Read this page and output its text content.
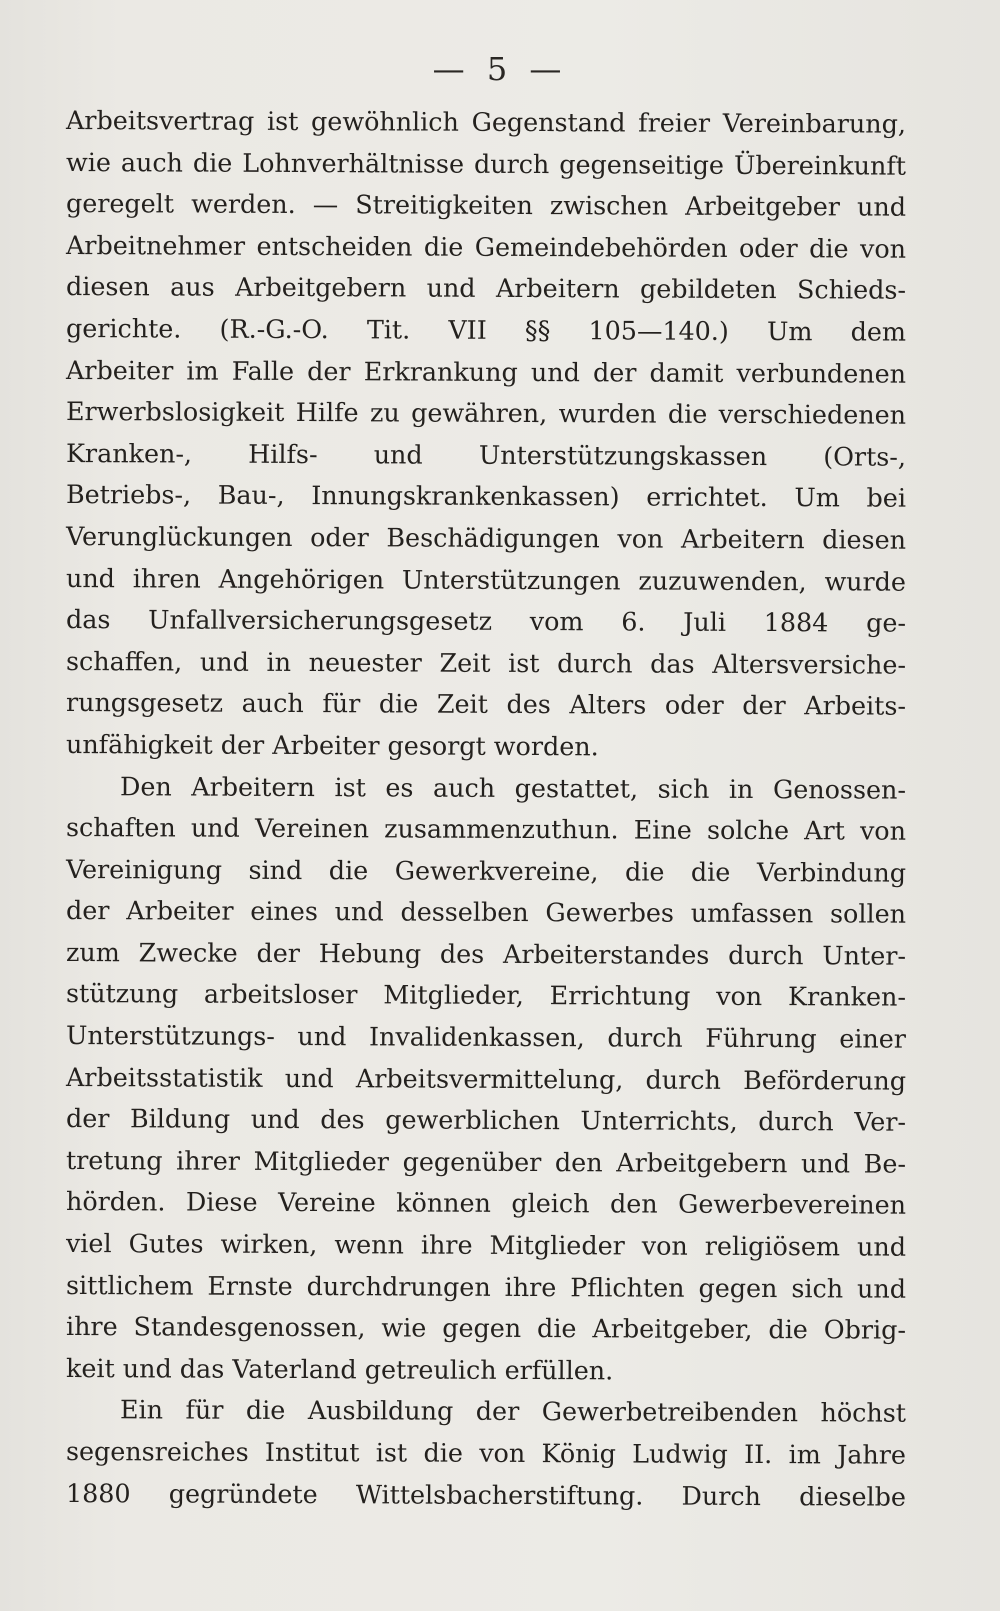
— 5 —
Arbeitsvertrag ist gewöhnlich Gegenstand freier Vereinbarung,
wie auch die Lohnverhältnisse durch gegenseitige Übereinkunft
geregelt werden. — Streitigkeiten zwischen Arbeitgeber und
Arbeitnehmer entscheiden die Gemeindebehörden oder die von
diesen aus Arbeitgebern und Arbeitern gebildeten Schieds-
gerichte. (R.-G.-O. Tit. VII §§ 105—140.) Um dem
Arbeiter im Falle der Erkrankung und der damit verbundenen
Erwerbslosigkeit Hilfe zu gewähren, wurden die verschiedenen
Kranken-, Hilfs- und Unterstützungskassen (Orts-,
Betriebs-, Bau-, Innungskrankenkassen) errichtet. Um bei
Verunglückungen oder Beschädigungen von Arbeitern diesen
und ihren Angehörigen Unterstützungen zuzuwenden, wurde
das Unfallversicherungsgesetz vom 6. Juli 1884 ge-
schaffen, und in neuester Zeit ist durch das Altersversiche-
rungsgesetz auch für die Zeit des Alters oder der Arbeits-
unfähigkeit der Arbeiter gesorgt worden.
Den Arbeitern ist es auch gestattet, sich in Genossen-
schaften und Vereinen zusammenzuthun. Eine solche Art von
Vereinigung sind die Gewerkvereine, die die Verbindung
der Arbeiter eines und desselben Gewerbes umfassen sollen
zum Zwecke der Hebung des Arbeiterstandes durch Unter-
stützung arbeitsloser Mitglieder, Errichtung von Kranken-
Unterstützungs- und Invalidenkassen, durch Führung einer
Arbeitsstatistik und Arbeitsvermittelung, durch Beförderung
der Bildung und des gewerblichen Unterrichts, durch Ver-
tretung ihrer Mitglieder gegenüber den Arbeitgebern und Be-
hörden. Diese Vereine können gleich den Gewerbevereinen
viel Gutes wirken, wenn ihre Mitglieder von religiösem und
sittlichem Ernste durchdrungen ihre Pflichten gegen sich und
ihre Standesgenossen, wie gegen die Arbeitgeber, die Obrig-
keit und das Vaterland getreulich erfüllen.
Ein für die Ausbildung der Gewerbetreibenden höchst
segensreiches Institut ist die von König Ludwig II. im Jahre
1880 gegründete Wittelsbacherstiftung. Durch dieselbe
